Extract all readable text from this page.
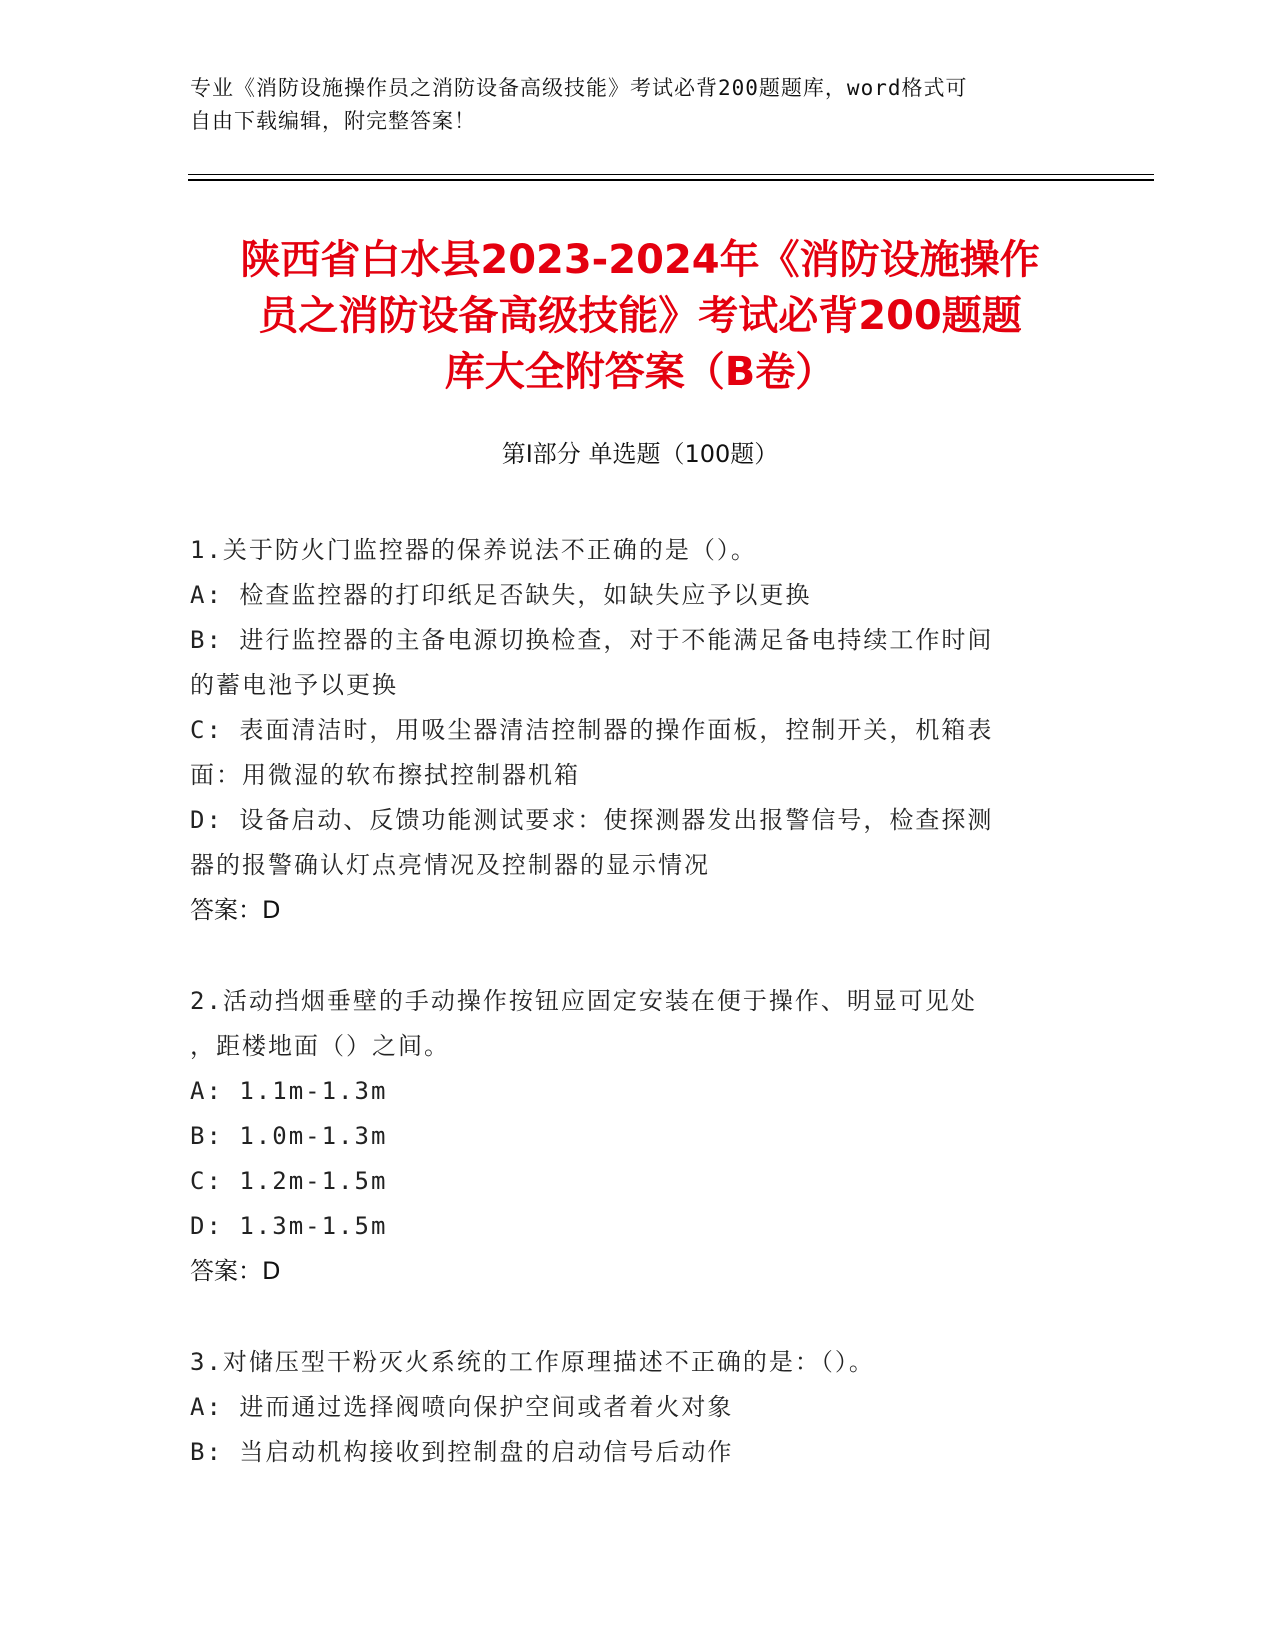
专业《消防设施操作员之消防设备高级技能》考试必背200题题库，word格式可
自由下载编辑，附完整答案！
陕西省白水县2023-2024年《消防设施操作
员之消防设备高级技能》考试必背200题题
库大全附答案（B卷）
第Ⅰ部分 单选题（100题）

1.关于防火门监控器的保养说法不正确的是（）。

A: 检查监控器的打印纸足否缺失，如缺失应予以更换

B: 进行监控器的主备电源切换检查，对于不能满足备电持续工作时间

的蓄电池予以更换

C: 表面清洁时，用吸尘器清洁控制器的操作面板，控制开关，机箱表

面：用微湿的软布擦拭控制器机箱

D: 设备启动、反馈功能测试要求：使探测器发出报警信号，检查探测

器的报警确认灯点亮情况及控制器的显示情况

答案：D

2.活动挡烟垂壁的手动操作按钮应固定安装在便于操作、明显可见处

，距楼地面（）之间。

A: 1.1m-1.3m

B: 1.0m-1.3m

C: 1.2m-1.5m

D: 1.3m-1.5m

答案：D

3.对储压型干粉灭火系统的工作原理描述不正确的是：（）。

A: 进而通过选择阀喷向保护空间或者着火对象

B: 当启动机构接收到控制盘的启动信号后动作
